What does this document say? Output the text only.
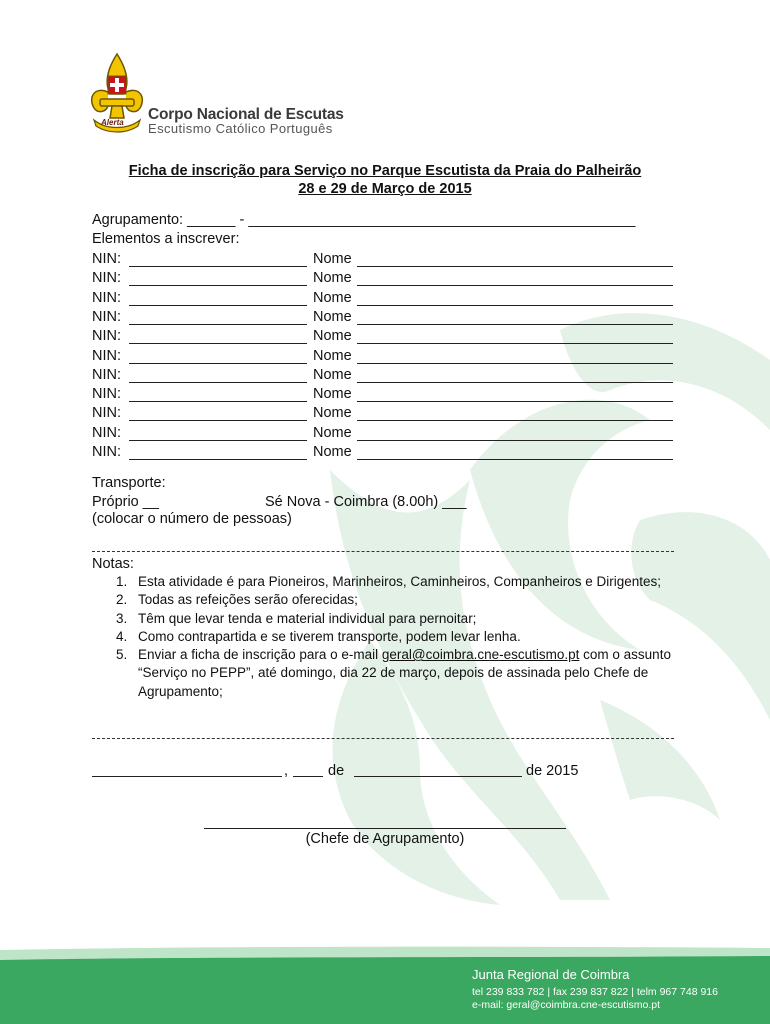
Alerta Corpo Nacional de Escutas
Escutismo Católico Português
Ficha de inscrição para Serviço no Parque Escutista da Praia do Palheirão
28 e 29 de Março de 2015
Agrupamento: ______ - ________________________________________________
Elementos a inscrever:
NIN:	Nome
NIN:	Nome
NIN:	Nome
NIN:	Nome
NIN:	Nome
NIN:	Nome
NIN:	Nome
NIN:	Nome
NIN:	Nome
NIN:	Nome
NIN:	Nome
Transporte:
Próprio __	Sé Nova - Coimbra (8.00h) ___
(colocar o número de pessoas)
Notas:
1. Esta atividade é para Pioneiros, Marinheiros, Caminheiros, Companheiros e Dirigentes;
2. Todas as refeições serão oferecidas;
3. Têm que levar tenda e material individual para pernoitar;
4. Como contrapartida e se tiverem transporte, podem levar lenha.
5. Enviar a ficha de inscrição para o e-mail geral@coimbra.cne-escutismo.pt com o assunto “Serviço no PEPP”, até domingo, dia 22 de março, depois de assinada pelo Chefe de Agrupamento;
,	de	de 2015
(Chefe de Agrupamento)
Junta Regional de Coimbra
tel 239 833 782 | fax 239 837 822 | telm 967 748 916
e-mail: geral@coimbra.cne-escutismo.pt
